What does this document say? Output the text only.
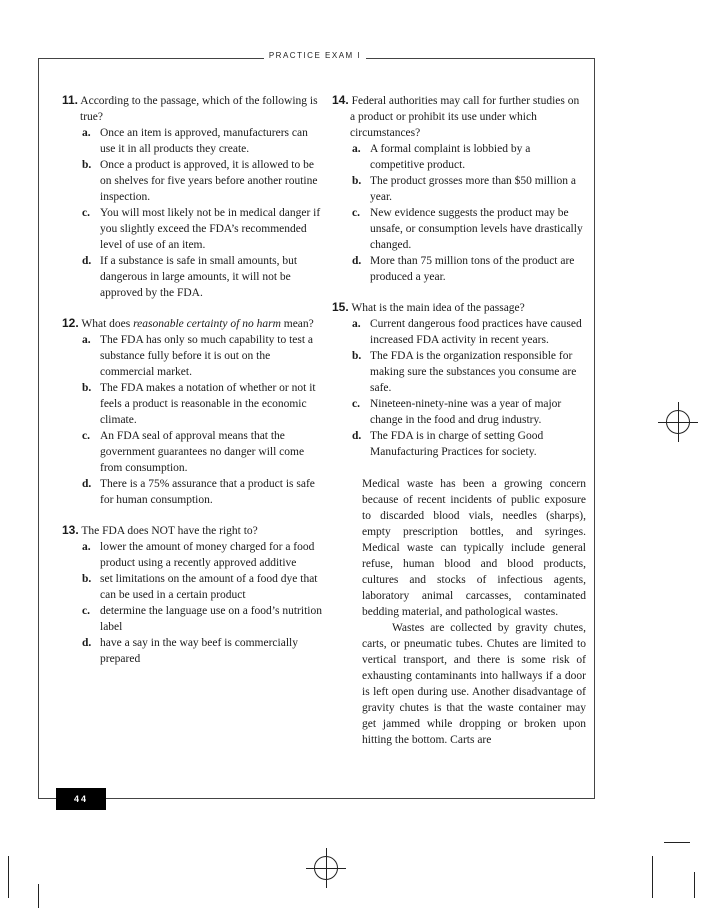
PRACTICE EXAM I
44
11. According to the passage, which of the following is true?
a. Once an item is approved, manufacturers can use it in all products they create.
b. Once a product is approved, it is allowed to be on shelves for five years before another routine inspection.
c. You will most likely not be in medical danger if you slightly exceed the FDA’s recommended level of use of an item.
d. If a substance is safe in small amounts, but dangerous in large amounts, it will not be approved by the FDA.
12. What does reasonable certainty of no harm mean?
a. The FDA has only so much capability to test a substance fully before it is out on the commercial market.
b. The FDA makes a notation of whether or not it feels a product is reasonable in the economic climate.
c. An FDA seal of approval means that the government guarantees no danger will come from consumption.
d. There is a 75% assurance that a product is safe for human consumption.
13. The FDA does NOT have the right to?
a. lower the amount of money charged for a food product using a recently approved additive
b. set limitations on the amount of a food dye that can be used in a certain product
c. determine the language use on a food’s nutrition label
d. have a say in the way beef is commercially prepared
14. Federal authorities may call for further studies on a product or prohibit its use under which circumstances?
a. A formal complaint is lobbied by a competitive product.
b. The product grosses more than $50 million a year.
c. New evidence suggests the product may be unsafe, or consumption levels have drastically changed.
d. More than 75 million tons of the product are produced a year.
15. What is the main idea of the passage?
a. Current dangerous food practices have caused increased FDA activity in recent years.
b. The FDA is the organization responsible for making sure the substances you consume are safe.
c. Nineteen-ninety-nine was a year of major change in the food and drug industry.
d. The FDA is in charge of setting Good Manufacturing Practices for society.

Medical waste has been a growing concern because of recent incidents of public exposure to discarded blood vials, needles (sharps), empty prescription bottles, and syringes. Medical waste can typically include general refuse, human blood and blood products, cultures and stocks of infectious agents, laboratory animal carcasses, contaminated bedding material, and pathological wastes.

Wastes are collected by gravity chutes, carts, or pneumatic tubes. Chutes are limited to vertical transport, and there is some risk of exhausting contaminants into hallways if a door is left open during use. Another disadvantage of gravity chutes is that the waste container may get jammed while dropping or broken upon hitting the bottom. Carts are
